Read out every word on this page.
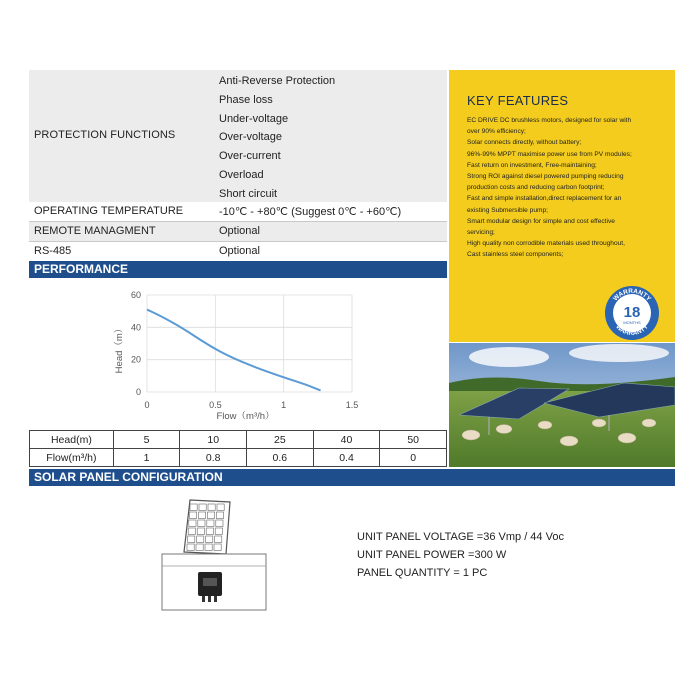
PROTECTION FUNCTIONS
Anti-Reverse Protection
Phase loss
Under-voltage
Over-voltage
Over-current
Overload
Short circuit
OPERATING TEMPERATURE	-10℃ - +80℃ (Suggest 0℃ - +60℃)
REMOTE MANAGMENT	Optional
RS-485	Optional
PERFORMANCE
0
20
40
60
0	0.5	1	1.5
Flow（m³/h）
Head（m）
Head(m)	5	10	25	40	50
Flow(m³/h)	1	0.8	0.6	0.4	0
SOLAR PANEL CONFIGURATION
UNIT PANEL VOLTAGE =36 Vmp / 44 Voc
UNIT PANEL POWER =300 W
PANEL QUANTITY = 1 PC
KEY FEATURES
EC DRIVE DC brushless motors, designed for solar with
over 90% efficiency;
Solar connects directly, without battery;
96%-99% MPPT maximise power use from PV modules;
Fast return on investment, Free-maintaining;
Strong ROI against diesel powered pumping reducing
production costs and reducing carbon footprint;
Fast and simple installation,direct replacement for an
existing Submersible pump;
Smart modular design for simple and cost effective
servicing;
High quality non corrodible materials used throughout,
Cast stainless steel components;
WARRANTY
WARRANTY
18
MONTHS
